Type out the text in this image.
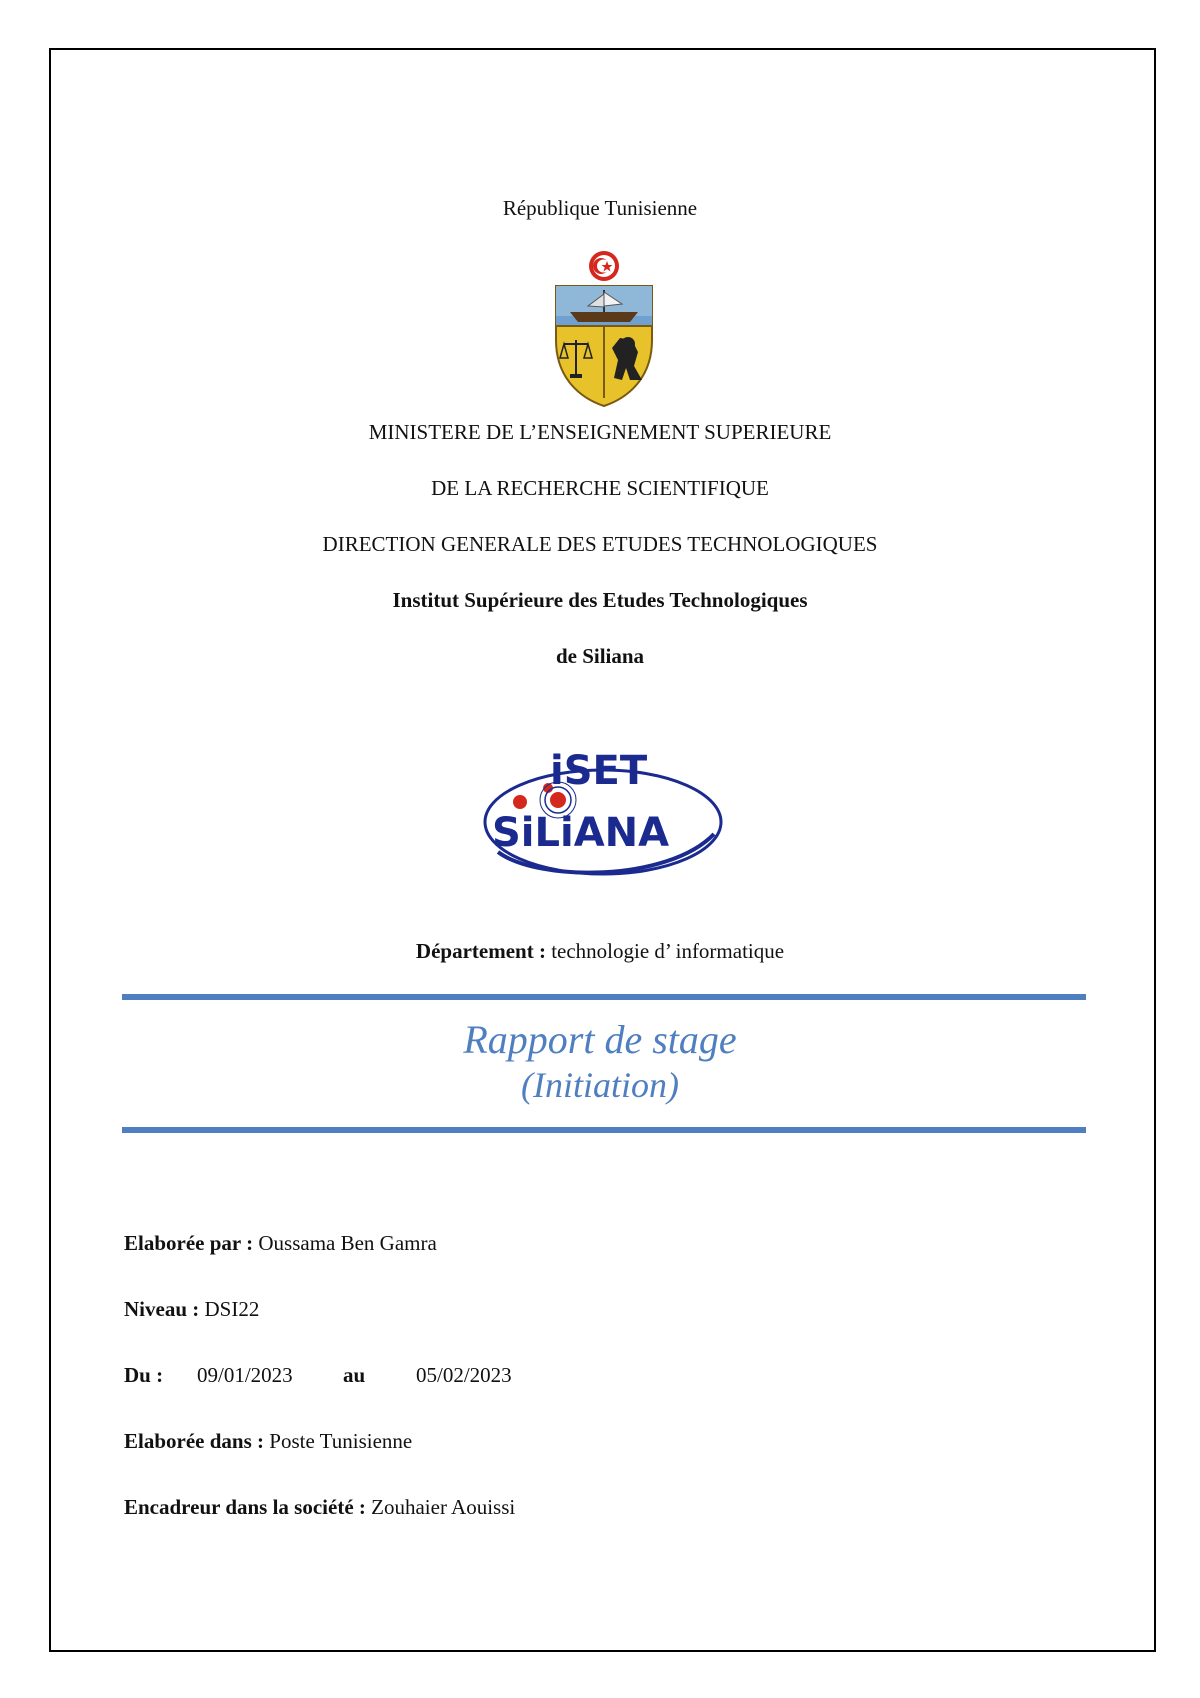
République Tunisienne
MINISTERE DE L’ENSEIGNEMENT SUPERIEURE
DE LA RECHERCHE SCIENTIFIQUE
DIRECTION GENERALE DES ETUDES TECHNOLOGIQUES
Institut Supérieure des Etudes Technologiques
de Siliana
iSET
SiLiANA
Département : technologie d’ informatique
Rapport de stage
(Initiation)
Elaborée par : Oussama Ben Gamra
Niveau : DSI22
Du : 09/01/2023 au 05/02/2023
Elaborée dans : Poste Tunisienne
Encadreur dans la société : Zouhaier Aouissi
